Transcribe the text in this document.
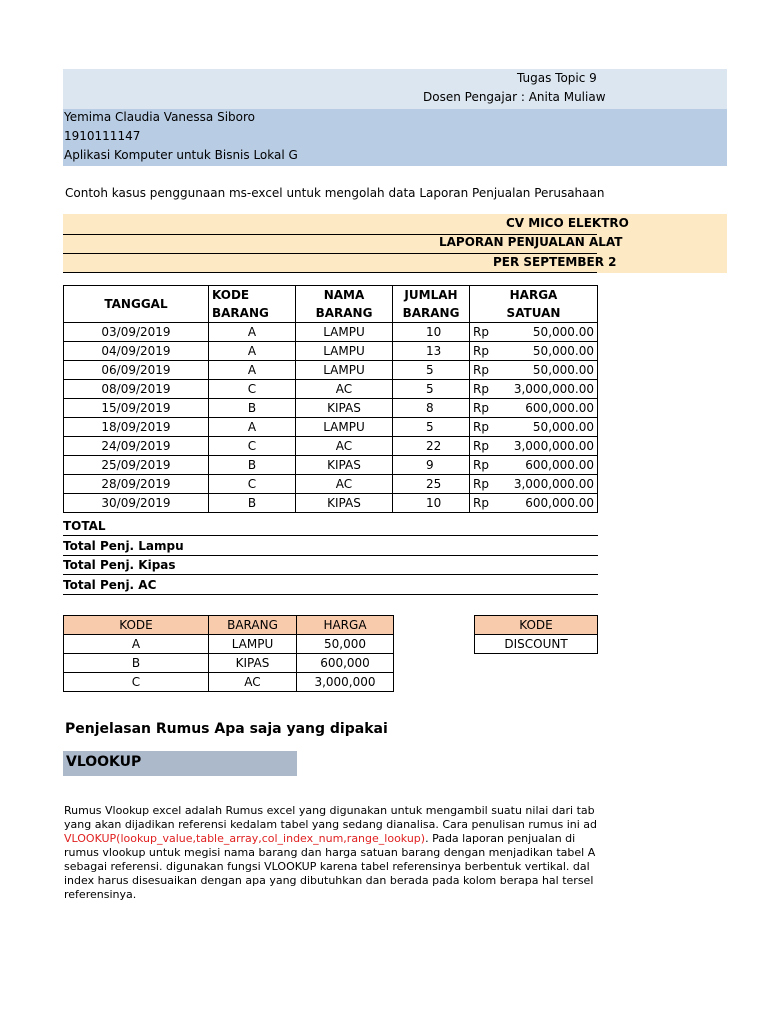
Tugas Topic 9
Dosen Pengajar : Anita Muliaw
Yemima Claudia Vanessa Siboro
1910111147
Aplikasi Komputer untuk Bisnis Lokal G
Contoh kasus penggunaan ms-excel untuk mengolah data Laporan Penjualan Perusahaan
CV MICO ELEKTRO
LAPORAN PENJUALAN ALAT
PER SEPTEMBER 2
TANGGAL	KODE	NAMA	JUMLAH	HARGA	
	BARANG	BARANG	BARANG	SATUAN	
03/09/2019	A	LAMPU	10	Rp	50,000.00
04/09/2019	A	LAMPU	13	Rp	50,000.00
06/09/2019	A	LAMPU	5	Rp	50,000.00
08/09/2019	C	AC	5	Rp	3,000,000.00
15/09/2019	B	KIPAS	8	Rp	600,000.00
18/09/2019	A	LAMPU	5	Rp	50,000.00
24/09/2019	C	AC	22	Rp	3,000,000.00
25/09/2019	B	KIPAS	9	Rp	600,000.00
28/09/2019	C	AC	25	Rp	3,000,000.00
30/09/2019	B	KIPAS	10	Rp	600,000.00
TOTAL
Total Penj. Lampu
Total Penj. Kipas
Total Penj. AC
KODE	BARANG	HARGA
A	LAMPU	50,000
B	KIPAS	600,000
C	AC	3,000,000
KODE
DISCOUNT
Penjelasan Rumus Apa saja yang dipakai
VLOOKUP
Rumus Vlookup excel adalah Rumus excel yang digunakan untuk mengambil suatu nilai dari tab
yang akan dijadikan referensi kedalam tabel yang sedang dianalisa. Cara penulisan rumus ini ad
VLOOKUP(lookup_value,table_array,col_index_num,range_lookup). Pada laporan penjualan di
rumus vlookup untuk megisi nama barang dan harga satuan barang dengan menjadikan tabel A
sebagai referensi. digunakan fungsi VLOOKUP karena tabel referensinya berbentuk vertikal. dal
index harus disesuaikan dengan apa yang dibutuhkan dan berada pada kolom berapa hal tersel
referensinya.
